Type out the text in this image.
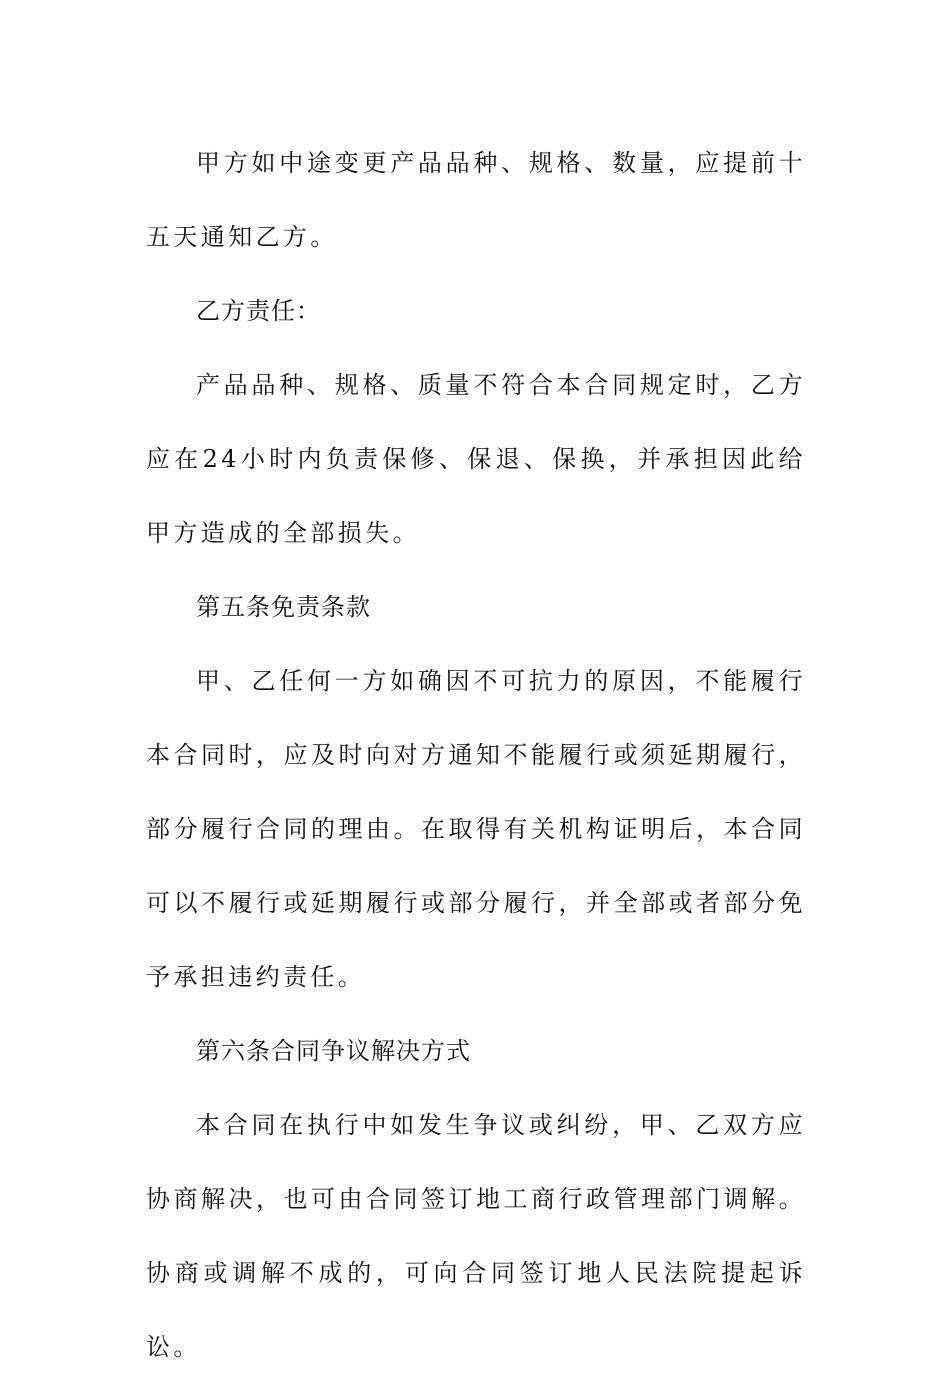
甲方如中途变更产品品种、规格、数量，应提前十五天通知乙方。

乙方责任：

产品品种、规格、质量不符合本合同规定时，乙方应在24小时内负责保修、保退、保换，并承担因此给甲方造成的全部损失。

第五条免责条款

甲、乙任何一方如确因不可抗力的原因，不能履行本合同时，应及时向对方通知不能履行或须延期履行，部分履行合同的理由。在取得有关机构证明后，本合同可以不履行或延期履行或部分履行，并全部或者部分免予承担违约责任。

第六条合同争议解决方式

本合同在执行中如发生争议或纠纷，甲、乙双方应协商解决，也可由合同签订地工商行政管理部门调解。协商或调解不成的，可向合同签订地人民法院提起诉讼。
